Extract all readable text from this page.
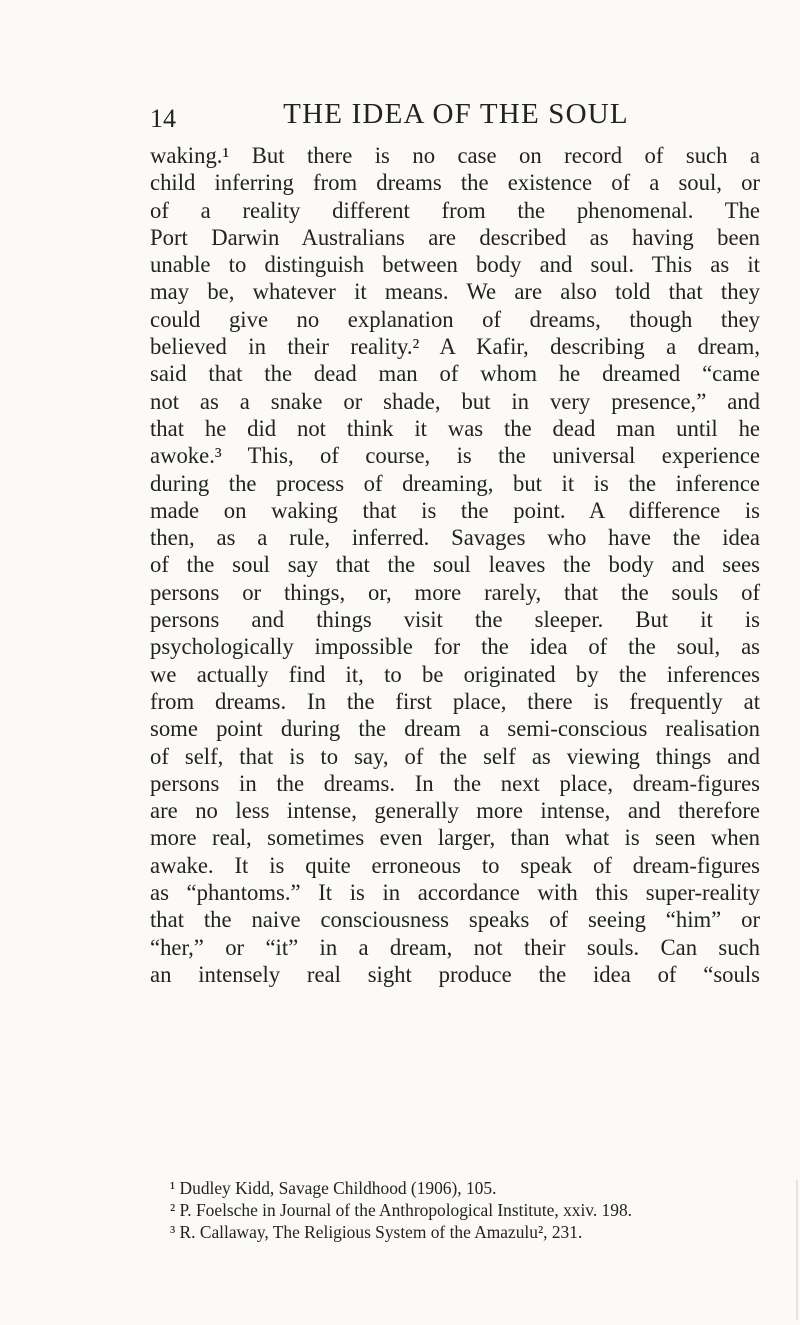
14	THE IDEA OF THE SOUL
waking.¹ But there is no case on record of such a
child inferring from dreams the existence of a soul, or
of a reality different from the phenomenal. The
Port Darwin Australians are described as having been
unable to distinguish between body and soul. This as it
may be, whatever it means. We are also told that they
could give no explanation of dreams, though they
believed in their reality.² A Kafir, describing a dream,
said that the dead man of whom he dreamed “came
not as a snake or shade, but in very presence,” and
that he did not think it was the dead man until he
awoke.³ This, of course, is the universal experience
during the process of dreaming, but it is the inference
made on waking that is the point. A difference is
then, as a rule, inferred. Savages who have the idea
of the soul say that the soul leaves the body and sees
persons or things, or, more rarely, that the souls of
persons and things visit the sleeper. But it is
psychologically impossible for the idea of the soul, as
we actually find it, to be originated by the inferences
from dreams. In the first place, there is frequently at
some point during the dream a semi-conscious realisation
of self, that is to say, of the self as viewing things and
persons in the dreams. In the next place, dream-figures
are no less intense, generally more intense, and therefore
more real, sometimes even larger, than what is seen when
awake. It is quite erroneous to speak of dream-figures
as “phantoms.” It is in accordance with this super-reality
that the naive consciousness speaks of seeing “him” or
“her,” or “it” in a dream, not their souls. Can such
an intensely real sight produce the idea of “souls
¹ Dudley Kidd, Savage Childhood (1906), 105.
² P. Foelsche in Journal of the Anthropological Institute, xxiv. 198.
³ R. Callaway, The Religious System of the Amazulu², 231.
